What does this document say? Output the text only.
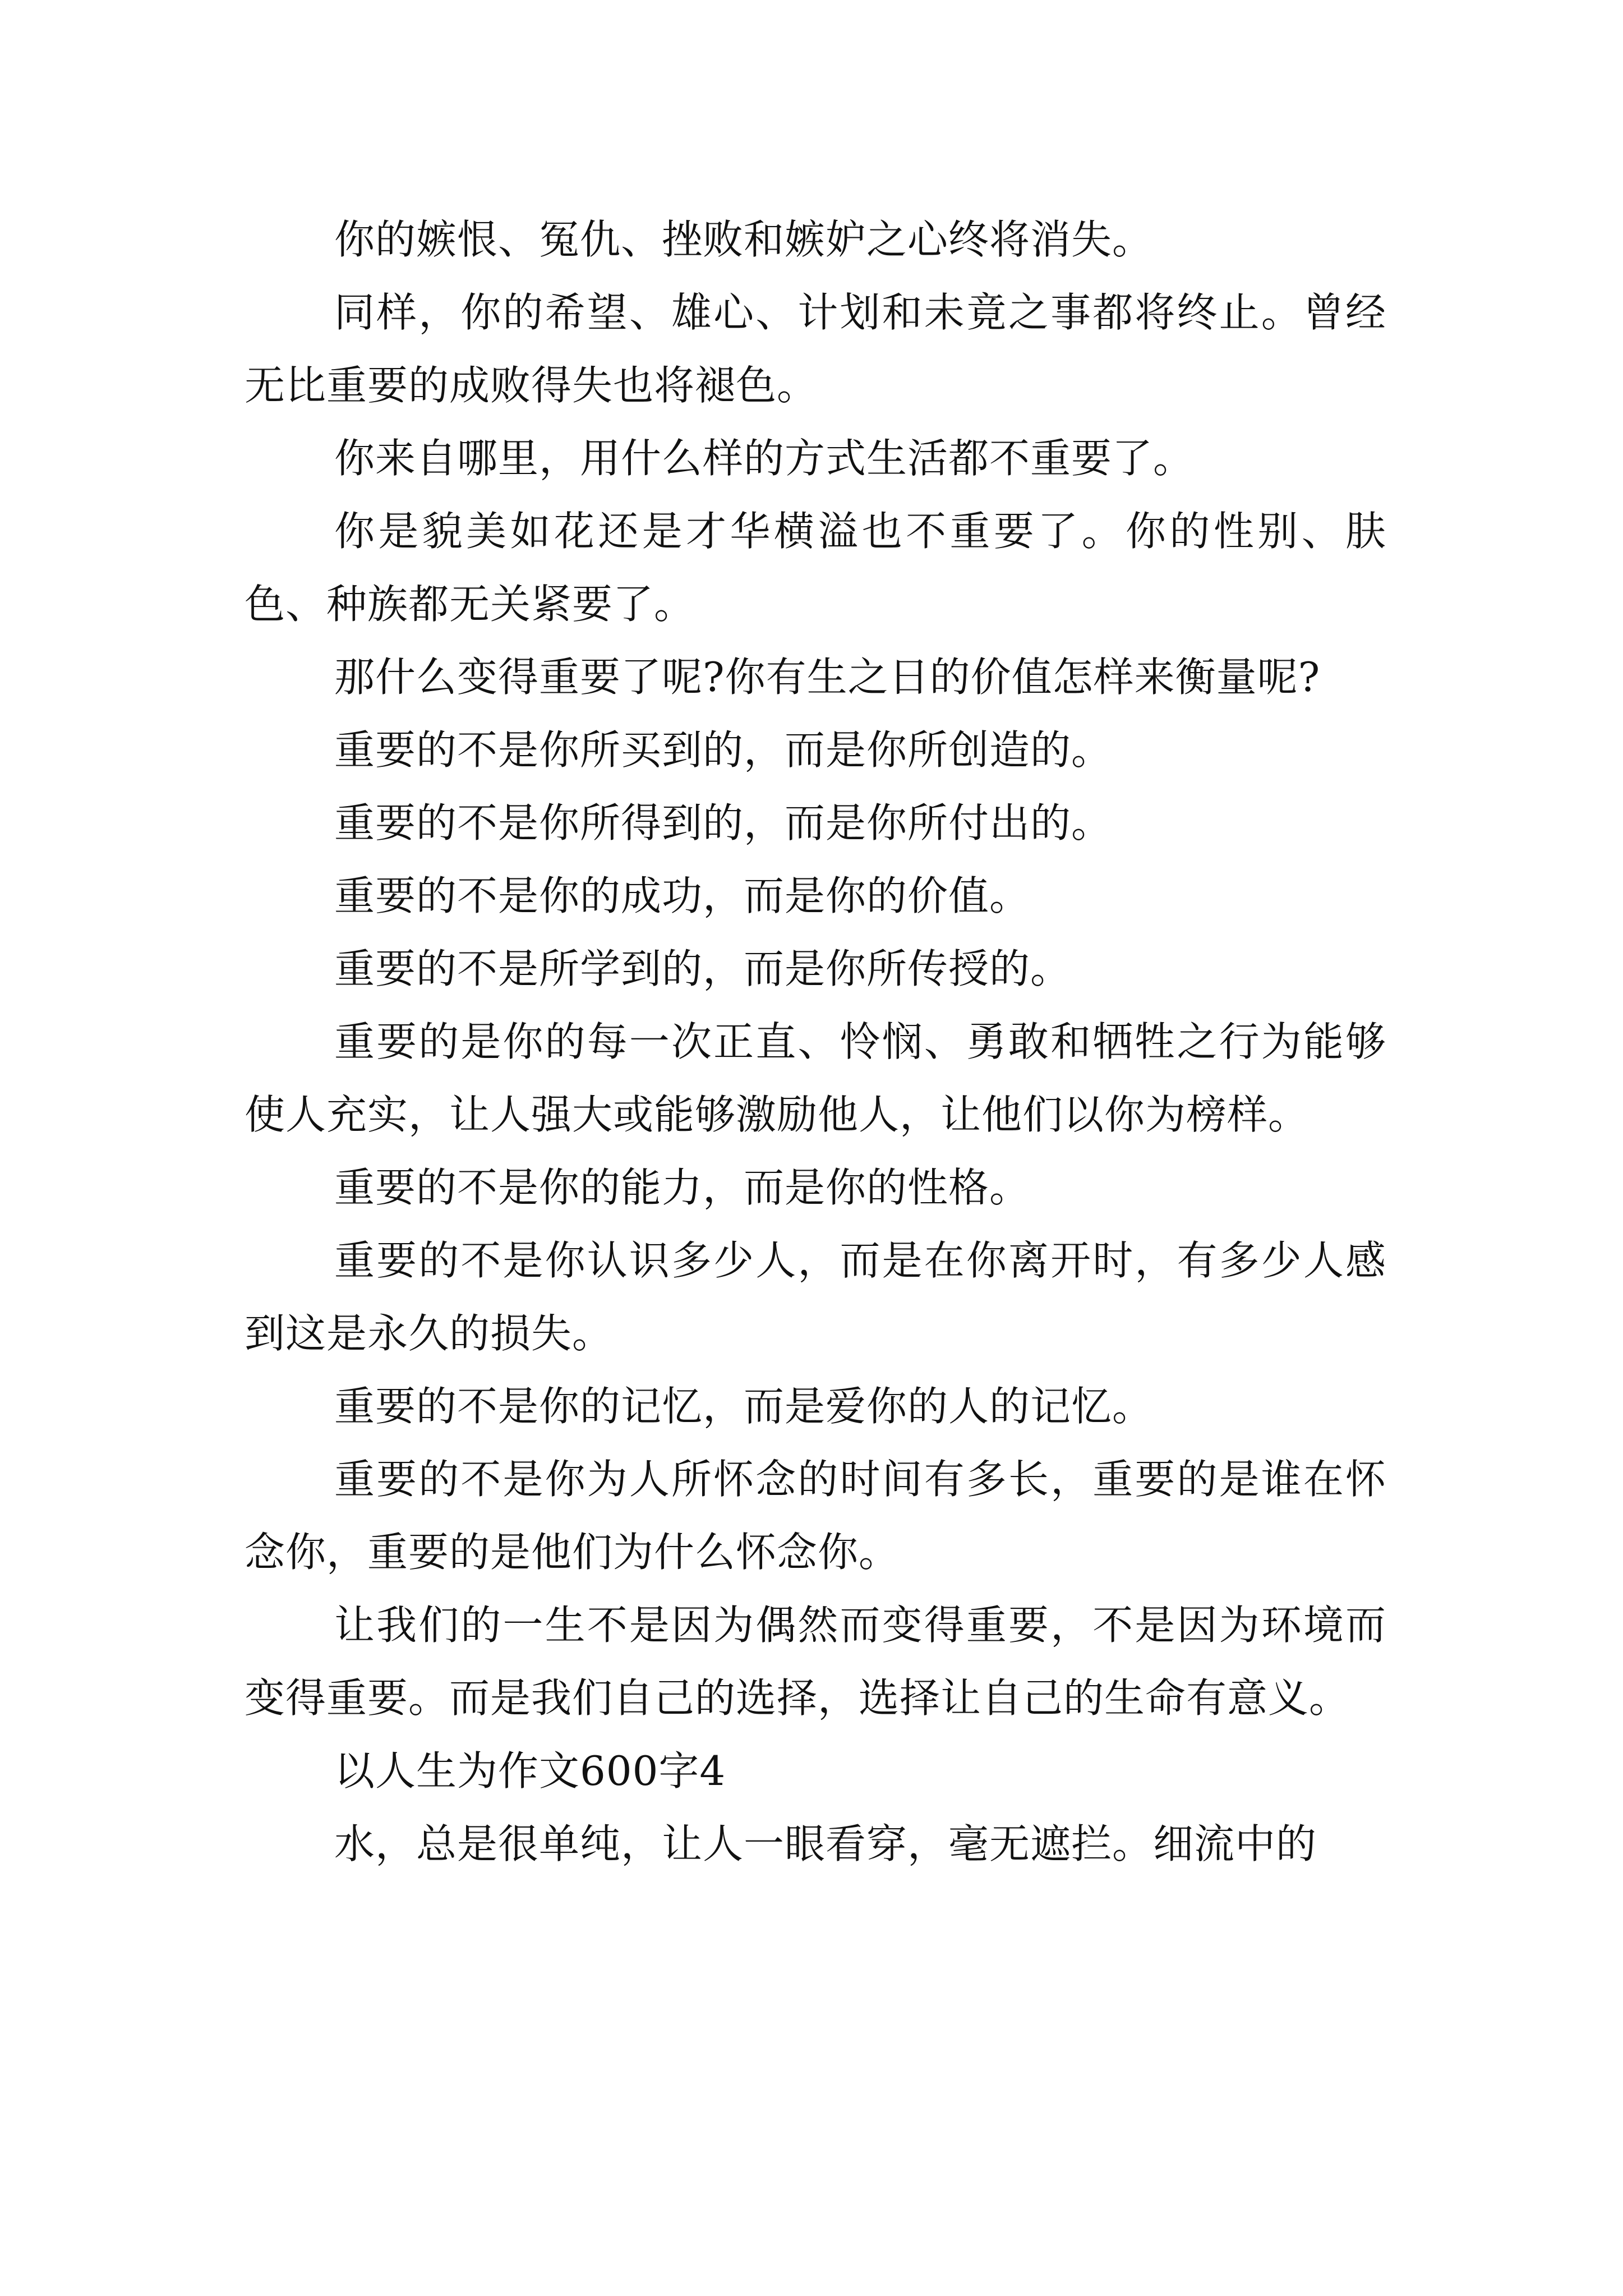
你的嫉恨、冤仇、挫败和嫉妒之心终将消失。

同样，你的希望、雄心、计划和未竟之事都将终止。曾经无比重要的成败得失也将褪色。

你来自哪里，用什么样的方式生活都不重要了。

你是貌美如花还是才华横溢也不重要了。你的性别、肤色、种族都无关紧要了。

那什么变得重要了呢?你有生之日的价值怎样来衡量呢?

重要的不是你所买到的，而是你所创造的。

重要的不是你所得到的，而是你所付出的。

重要的不是你的成功，而是你的价值。

重要的不是所学到的，而是你所传授的。

重要的是你的每一次正直、怜悯、勇敢和牺牲之行为能够使人充实，让人强大或能够激励他人，让他们以你为榜样。

重要的不是你的能力，而是你的性格。

重要的不是你认识多少人，而是在你离开时，有多少人感到这是永久的损失。

重要的不是你的记忆，而是爱你的人的记忆。

重要的不是你为人所怀念的时间有多长，重要的是谁在怀念你，重要的是他们为什么怀念你。

让我们的一生不是因为偶然而变得重要，不是因为环境而变得重要。而是我们自己的选择，选择让自己的生命有意义。

以人生为作文600字4

水，总是很单纯，让人一眼看穿，毫无遮拦。细流中的
